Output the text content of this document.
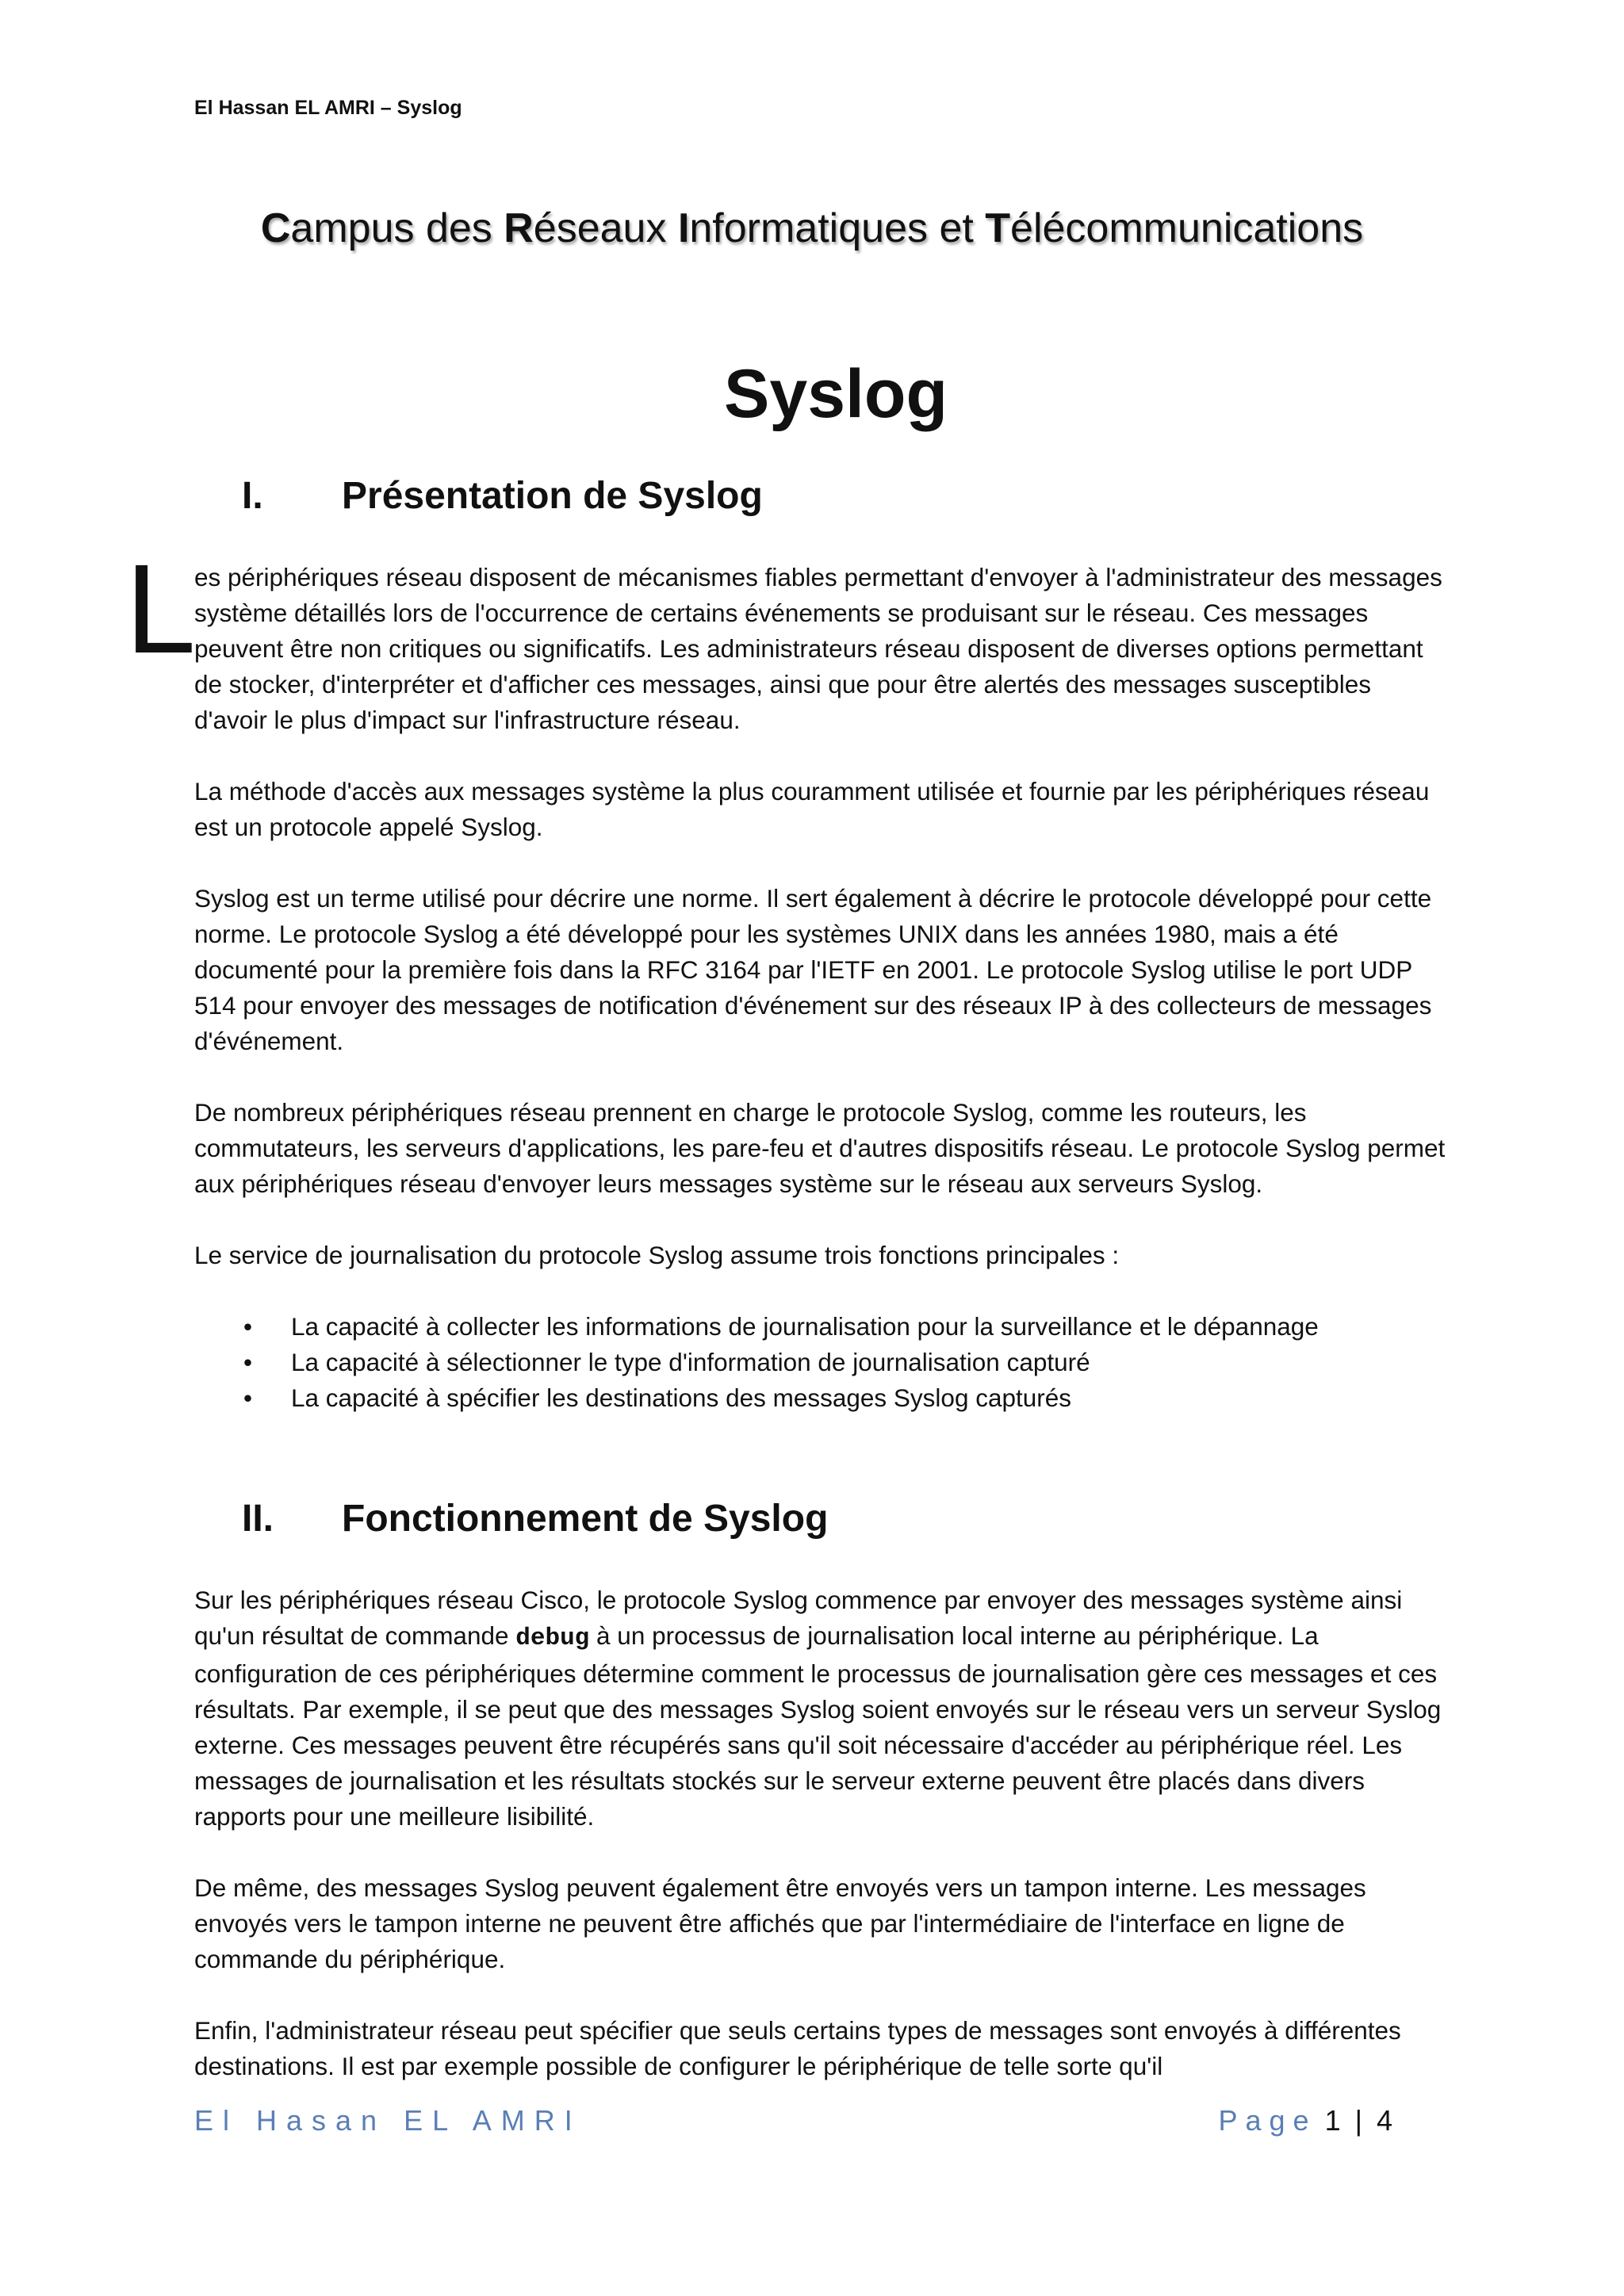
El Hassan EL AMRI – Syslog
Campus des Réseaux Informatiques et Télécommunications
Syslog
I. Présentation de Syslog
L

es périphériques réseau disposent de mécanismes fiables permettant d'envoyer à l'administrateur des messages système détaillés lors de l'occurrence de certains événements se produisant sur le réseau. Ces messages peuvent être non critiques ou significatifs. Les administrateurs réseau disposent de diverses options permettant de stocker, d'interpréter et d'afficher ces messages, ainsi que pour être alertés des messages susceptibles d'avoir le plus d'impact sur l'infrastructure réseau.

La méthode d'accès aux messages système la plus couramment utilisée et fournie par les périphériques réseau est un protocole appelé Syslog.

Syslog est un terme utilisé pour décrire une norme. Il sert également à décrire le protocole développé pour cette norme. Le protocole Syslog a été développé pour les systèmes UNIX dans les années 1980, mais a été documenté pour la première fois dans la RFC 3164 par l'IETF en 2001. Le protocole Syslog utilise le port UDP 514 pour envoyer des messages de notification d'événement sur des réseaux IP à des collecteurs de messages d'événement.

De nombreux périphériques réseau prennent en charge le protocole Syslog, comme les routeurs, les commutateurs, les serveurs d'applications, les pare-feu et d'autres dispositifs réseau. Le protocole Syslog permet aux périphériques réseau d'envoyer leurs messages système sur le réseau aux serveurs Syslog.

Le service de journalisation du protocole Syslog assume trois fonctions principales :

• La capacité à collecter les informations de journalisation pour la surveillance et le dépannage
• La capacité à sélectionner le type d'information de journalisation capturé
• La capacité à spécifier les destinations des messages Syslog capturés
II. Fonctionnement de Syslog

Sur les périphériques réseau Cisco, le protocole Syslog commence par envoyer des messages système ainsi qu'un résultat de commande debug à un processus de journalisation local interne au périphérique. La configuration de ces périphériques détermine comment le processus de journalisation gère ces messages et ces résultats. Par exemple, il se peut que des messages Syslog soient envoyés sur le réseau vers un serveur Syslog externe. Ces messages peuvent être récupérés sans qu'il soit nécessaire d'accéder au périphérique réel. Les messages de journalisation et les résultats stockés sur le serveur externe peuvent être placés dans divers rapports pour une meilleure lisibilité.

De même, des messages Syslog peuvent également être envoyés vers un tampon interne. Les messages envoyés vers le tampon interne ne peuvent être affichés que par l'intermédiaire de l'interface en ligne de commande du périphérique.

Enfin, l'administrateur réseau peut spécifier que seuls certains types de messages sont envoyés à différentes destinations. Il est par exemple possible de configurer le périphérique de telle sorte qu'il

El Hasan EL AMRI	Page 1 | 4
